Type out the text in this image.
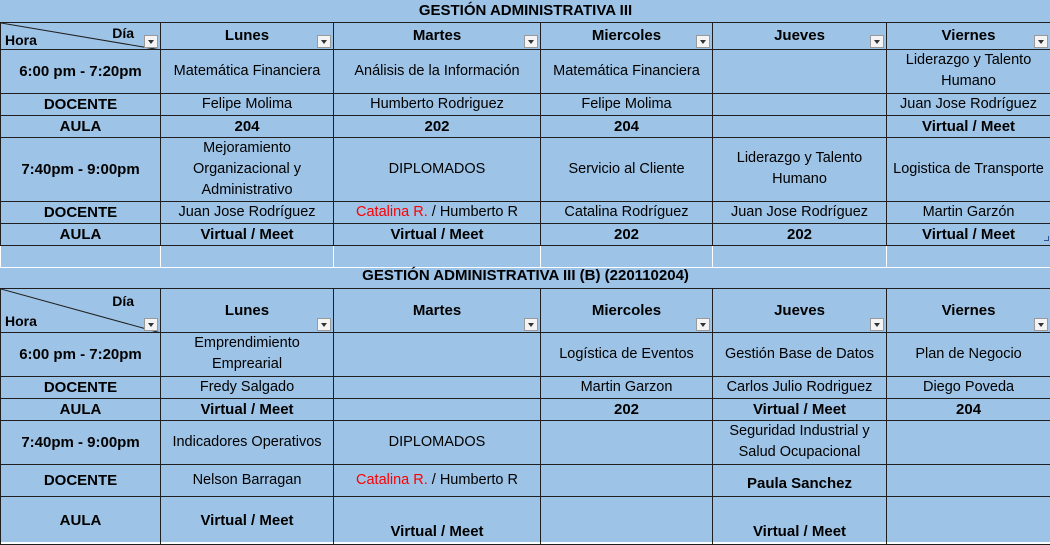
GESTIÓN ADMINISTRATIVA III					

Día
Hora	Lunes	Martes	Miercoles	Jueves	Viernes

6:00 pm - 7:20pm	Matemática Financiera	Análisis de la Información	Matemática Financiera		Liderazgo y Talento Humano
DOCENTE	Felipe Molima	Humberto Rodriguez	Felipe Molima		Juan Jose Rodríguez
AULA	204	202	204		Virtual / Meet
7:40pm - 9:00pm	Mejoramiento Organizacional y Administrativo	DIPLOMADOS	Servicio al Cliente	Liderazgo y Talento Humano	Logistica de Transporte
DOCENTE	Juan Jose Rodríguez	Catalina R. / Humberto R	Catalina Rodríguez	Juan Jose Rodríguez	Martin Garzón
AULA	Virtual / Meet	Virtual / Meet	202	202	Virtual / Meet

GESTIÓN ADMINISTRATIVA III (B) (220110204)					

Día
Hora	Lunes	Martes	Miercoles	Jueves	Viernes

6:00 pm - 7:20pm	Emprendimiento Emprearial		Logística de Eventos	Gestión Base de Datos	Plan de Negocio
DOCENTE	Fredy Salgado		Martin Garzon	Carlos Julio Rodriguez	Diego Poveda
AULA	Virtual / Meet		202	Virtual / Meet	204
7:40pm - 9:00pm	Indicadores Operativos	DIPLOMADOS		Seguridad Industrial y Salud Ocupacional	
DOCENTE	Nelson Barragan	Catalina R. / Humberto R		Paula Sanchez	
AULA	Virtual / Meet	Virtual / Meet		Virtual / Meet	
